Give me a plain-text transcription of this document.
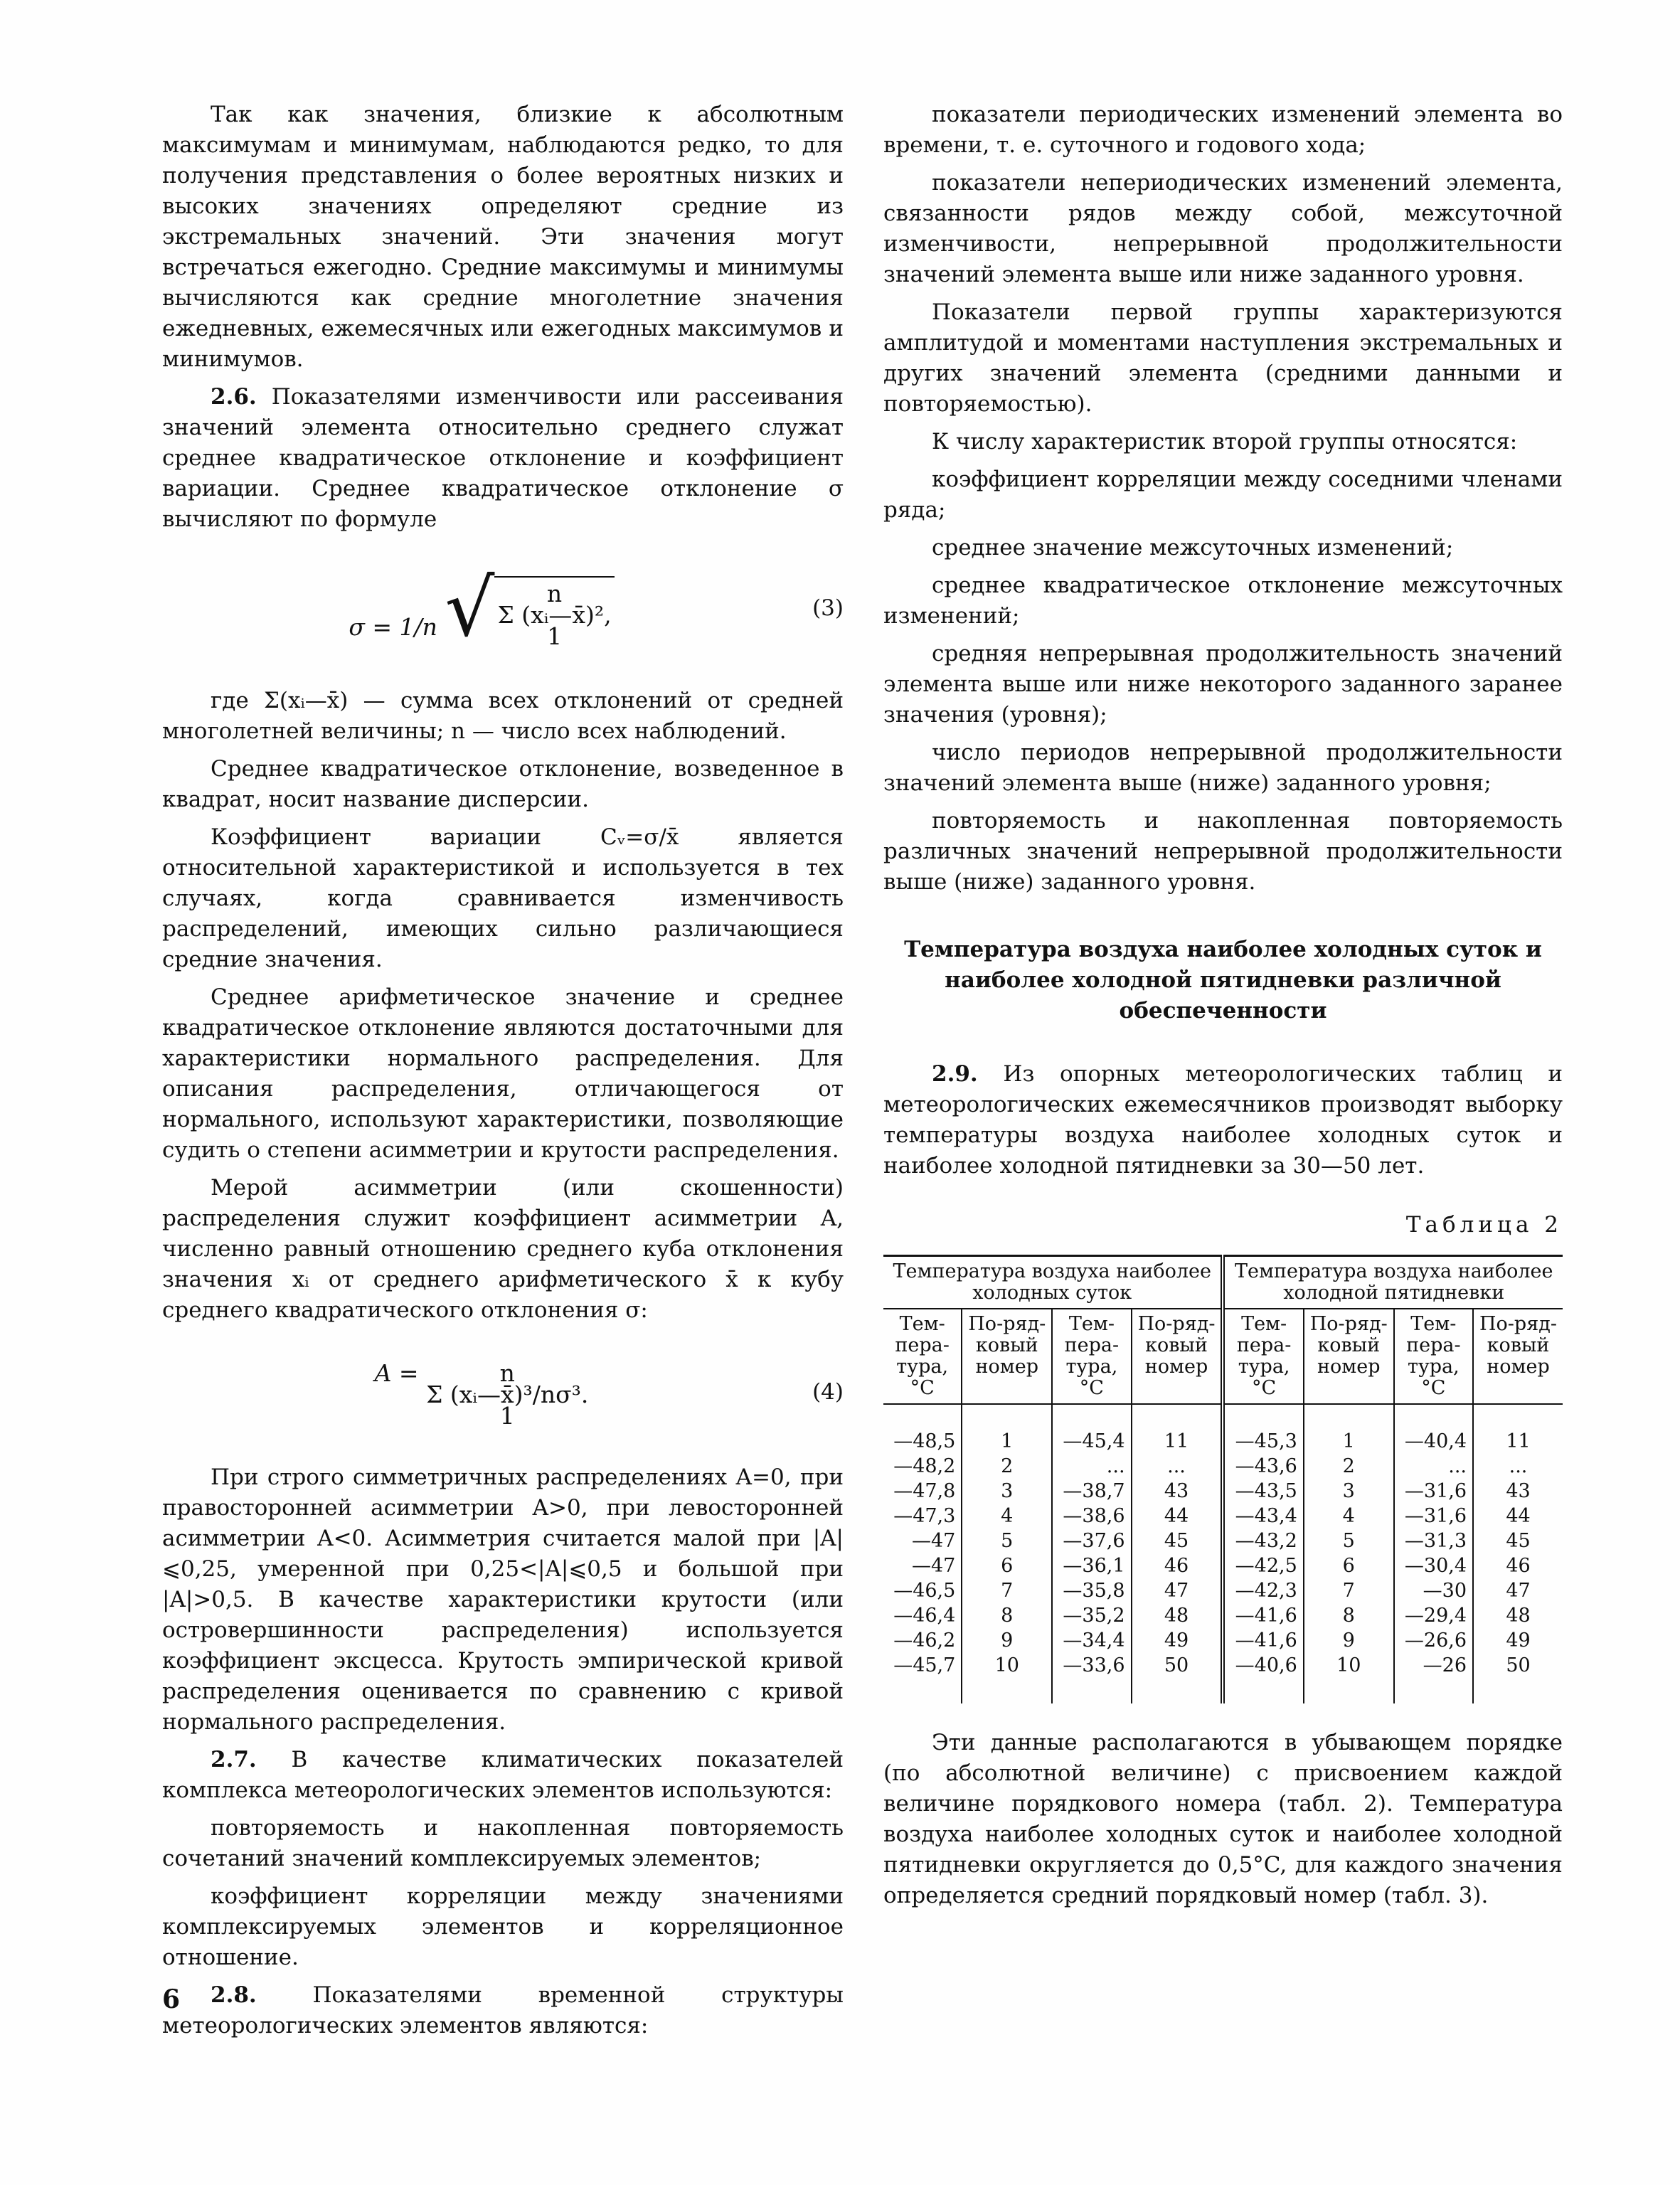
Так как значения, близкие к абсолютным максимумам и минимумам, наблюдаются редко, то для получения представления о более вероятных низких и высоких значениях определяют средние из экстремальных значений. Эти значения могут встречаться ежегодно. Средние максимумы и минимумы вычисляются как средние многолетние значения ежедневных, ежемесячных или ежегодных максимумов и минимумов.

2.6. Показателями изменчивости или рассеивания значений элемента относительно среднего служат среднее квадратическое отклонение и коэффициент вариации. Среднее квадратическое отклонение σ вычисляют по формуле

σ = 1/n √ n
Σ (xᵢ—x̄)²,
1
(3)

где Σ(xᵢ—x̄) — сумма всех отклонений от средней многолетней величины; n — число всех наблюдений.

Среднее квадратическое отклонение, возведенное в квадрат, носит название дисперсии.

Коэффициент вариации Cᵥ=σ/x̄ является относительной характеристикой и используется в тех случаях, когда сравнивается изменчивость распределений, имеющих сильно различающиеся средние значения.

Среднее арифметическое значение и среднее квадратическое отклонение являются достаточными для характеристики нормального распределения. Для описания распределения, отличающегося от нормального, используют характеристики, позволяющие судить о степени асимметрии и крутости распределения.

Мерой асимметрии (или скошенности) распределения служит коэффициент асимметрии A, численно равный отношению среднего куба отклонения значения xᵢ от среднего арифметического x̄ к кубу среднего квадратического отклонения σ:

A =	n
Σ (xᵢ—x̄)³/nσ³.
1
(4)

При строго симметричных распределениях A=0, при правосторонней асимметрии A>0, при левосторонней асимметрии A<0. Асимметрия считается малой при |A|⩽0,25, умеренной при 0,25<|A|⩽0,5 и большой при |A|>0,5. В качестве характеристики крутости (или островершинности распределения) используется коэффициент эксцесса. Крутость эмпирической кривой распределения оценивается по сравнению с кривой нормального распределения.

2.7. В качестве климатических показателей комплекса метеорологических элементов используются:

повторяемость и накопленная повторяемость сочетаний значений комплексируемых элементов;

коэффициент корреляции между значениями комплексируемых элементов и корреляционное отношение.

2.8.	Показателями временной структуры метеорологических элементов являются:

показатели периодических изменений элемента во времени, т. е. суточного и годового хода;

показатели непериодических изменений элемента, связанности рядов между собой, межсуточной изменчивости, непрерывной продолжительности значений элемента выше или ниже заданного уровня.

Показатели первой группы характеризуются амплитудой и моментами наступления экстремальных и других значений элемента (средними данными и повторяемостью).

К числу характеристик второй группы относятся:

коэффициент корреляции между соседними членами ряда;

среднее значение межсуточных изменений;

среднее квадратическое отклонение межсуточных изменений;

средняя непрерывная продолжительность значений элемента выше или ниже некоторого заданного заранее значения (уровня);

число периодов непрерывной продолжительности значений элемента выше (ниже) заданного уровня;

повторяемость и накопленная повторяемость различных значений непрерывной продолжительности выше (ниже) заданного уровня.

Температура воздуха наиболее холодных суток и наиболее холодной пятидневки различной обеспеченности

2.9. Из опорных метеорологических таблиц и метеорологических ежемесячников производят выборку температуры воздуха наиболее холодных суток и наиболее холодной пятидневки за 30—50 лет.

Таблица 2
Температура воздуха наиболее холодных суток				Температура воздуха наиболее холодной пятидневки			
Тем-пера-тура, °C	По-ряд-ковый номер	Тем-пера-тура, °C	По-ряд-ковый номер	Тем-пера-тура, °C	По-ряд-ковый номер	Тем-пера-тура, °C	По-ряд-ковый номер
—48,5	1	—45,4	11	—45,3	1	—40,4	11
—48,2	2	...	...	—43,6	2	...	...
—47,8	3	—38,7	43	—43,5	3	—31,6	43
—47,3	4	—38,6	44	—43,4	4	—31,6	44
—47	5	—37,6	45	—43,2	5	—31,3	45
—47	6	—36,1	46	—42,5	6	—30,4	46
—46,5	7	—35,8	47	—42,3	7	—30	47
—46,4	8	—35,2	48	—41,6	8	—29,4	48
—46,2	9	—34,4	49	—41,6	9	—26,6	49
—45,7	10	—33,6	50	—40,6	10	—26	50

Эти данные располагаются в убывающем порядке (по абсолютной величине) с присвоением каждой величине порядкового номера (табл. 2). Температура воздуха наиболее холодных суток и наиболее холодной пятидневки округляется до 0,5°C, для каждого значения определяется средний порядковый номер (табл. 3).

6
